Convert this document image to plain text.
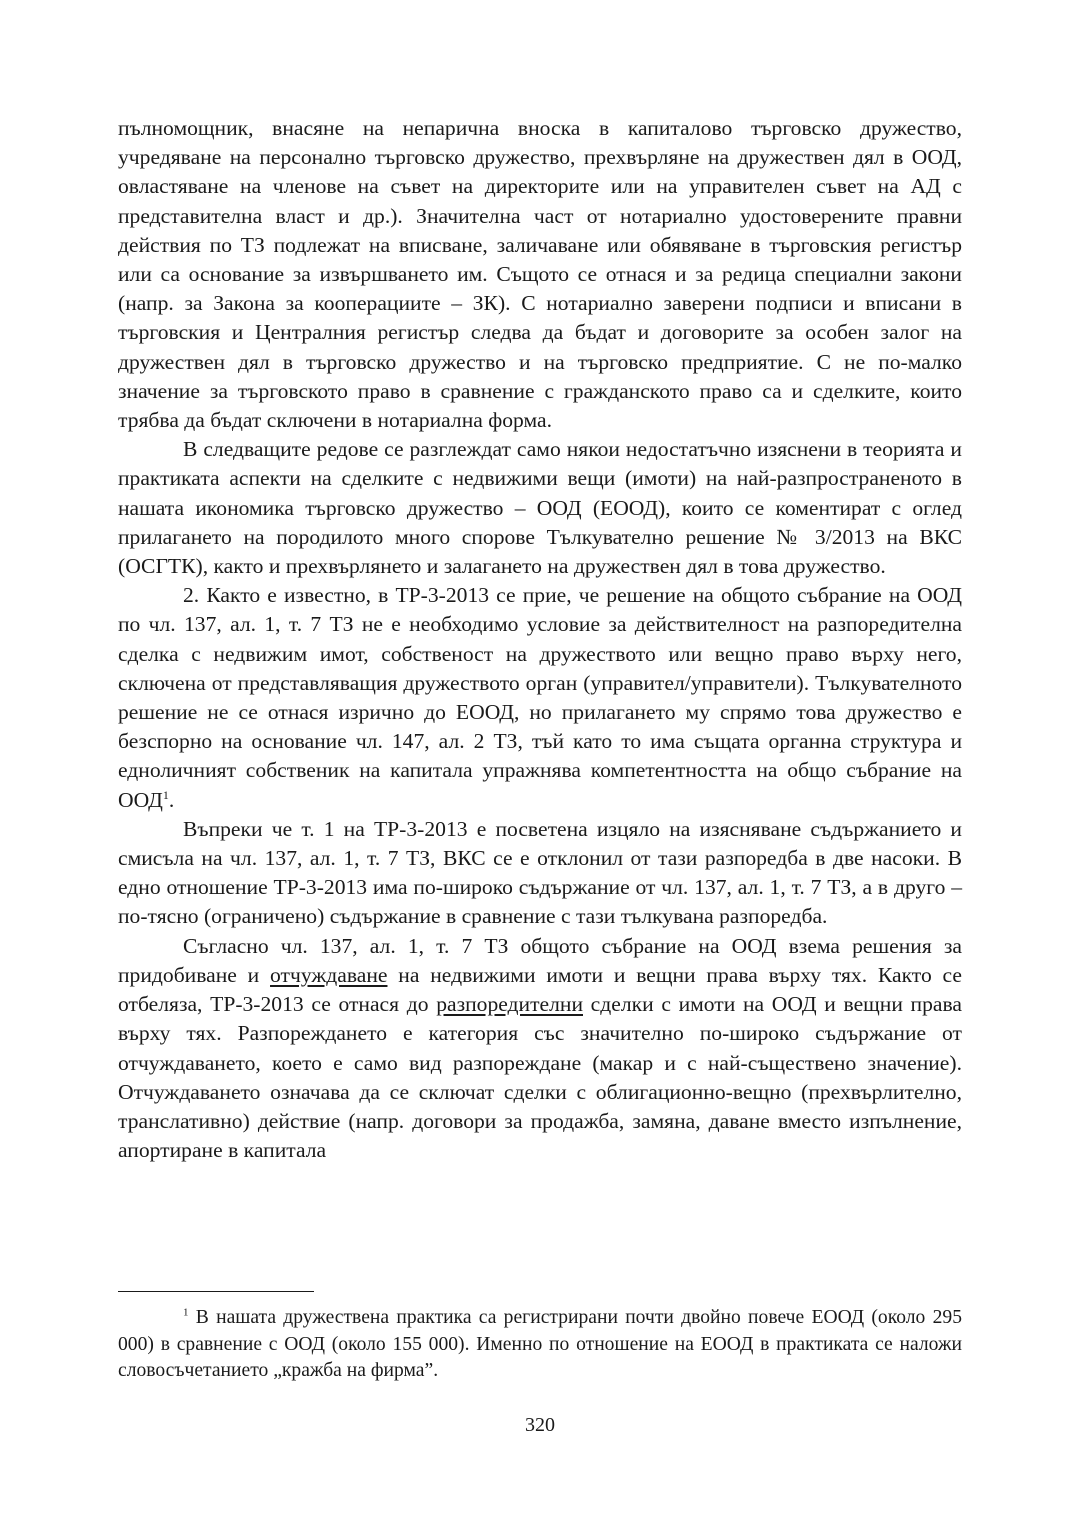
пълномощник, внасяне на непарична вноска в капиталово търговско дружество, учредяване на персонално търговско дружество, прехвърляне на дружествен дял в ООД, овластяване на членове на съвет на директорите или на управителен съвет на АД с представителна власт и др.). Значителна част от нотариално удостоверените правни действия по ТЗ подлежат на вписване, заличаване или обявяване в търговския регистър или са основание за извършването им. Същото се отнася и за редица специални закони (напр. за Закона за кооперациите – ЗК). С нотариално заверени подписи и вписани в търговския и Централния регистър следва да бъдат и договорите за особен залог на дружествен дял в търговско дружество и на търговско предприятие. С не по-малко значение за търговското право в сравнение с гражданското право са и сделките, които трябва да бъдат сключени в нотариална форма.

В следващите редове се разглеждат само някои недостатъчно изяснени в теорията и практиката аспекти на сделките с недвижими вещи (имоти) на най-разпространеното в нашата икономика търговско дружество – ООД (ЕООД), които се коментират с оглед прилагането на породилото много спорове Тълкувателно решение № 3/2013 на ВКС (ОСГТК), както и прехвърлянето и залагането на дружествен дял в това дружество.

2. Както е известно, в ТР-3-2013 се прие, че решение на общото събрание на ООД по чл. 137, ал. 1, т. 7 ТЗ не е необходимо условие за действителност на разпоредителна сделка с недвижим имот, собственост на дружеството или вещно право върху него, сключена от представляващия дружеството орган (управител/управители). Тълкувателното решение не се отнася изрично до ЕООД, но прилагането му спрямо това дружество е безспорно на основание чл. 147, ал. 2 ТЗ, тъй като то има същата органна структура и едноличният собственик на капитала упражнява компетентността на общо събрание на ООД$^1$.

Въпреки че т. 1 на ТР-3-2013 е посветена изцяло на изясняване съдържанието и смисъла на чл. 137, ал. 1, т. 7 ТЗ, ВКС се е отклонил от тази разпоредба в две насоки. В едно отношение ТР-3-2013 има по-широко съдържание от чл. 137, ал. 1, т. 7 ТЗ, а в друго – по-тясно (ограничено) съдържание в сравнение с тази тълкувана разпоредба.

Съгласно чл. 137, ал. 1, т. 7 ТЗ общото събрание на ООД взема решения за придобиване и отчуждаване на недвижими имоти и вещни права върху тях. Както се отбеляза, ТР-3-2013 се отнася до разпоредителни сделки с имоти на ООД и вещни права върху тях. Разпореждането е категория със значително по-широко съдържание от отчуждаването, което е само вид разпореждане (макар и с най-съществено значение). Отчуждаването означава да се сключат сделки с облигационно-вещно (прехвърлително, транслативно) действие (напр. договори за продажба, замяна, даване вместо изпълнение, апортиране в капитала

$^1$ В нашата дружествена практика са регистрирани почти двойно повече ЕООД (около 295 000) в сравнение с ООД (около 155 000). Именно по отношение на ЕООД в практиката се наложи словосъчетанието „кражба на фирма”.

320
